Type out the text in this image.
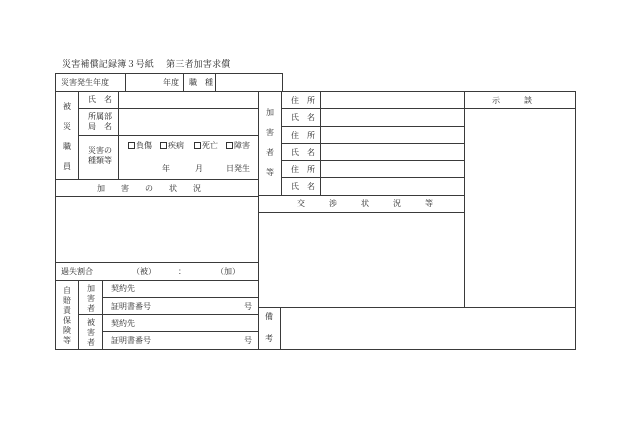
災害補償記録簿３号紙 第三者加害求償
災害発生年度	年度 職　種
被
災
職
員
氏　名
所属部
局　名
災害の
種類等
負傷	疾病	死亡	障害
年	月	日発生
加　　害　　の　　状　　況
過失割合	（被）	：	（加）
自
賠
責
保
険
等
加
害
者
被
害
者
契約先
証明書番号	号
契約先
証明書番号	号
加
害
者
等
住　所
氏　名
住　所
氏　名
住　所
氏　名
示　　　談
交　　　渉　　　状　　　況　　　等
備
考
